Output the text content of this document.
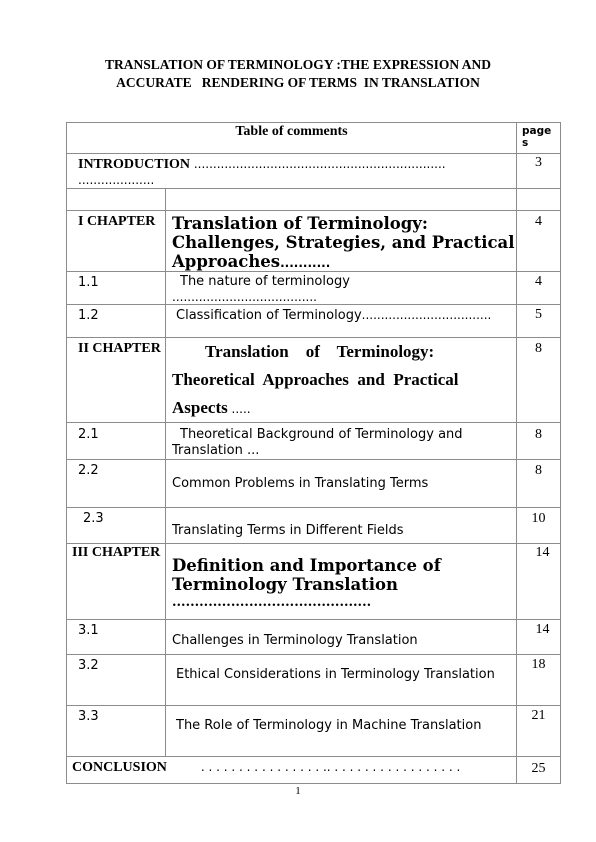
TRANSLATION OF TERMINOLOGY :THE EXPRESSION AND
ACCURATE   RENDERING OF TERMS  IN TRANSLATION
Table of comments		page s

INTRODUCTION ..................................................................
....................		3

I CHAPTER	Translation of Terminology: Challenges, Strategies, and Practical Approaches...........	4
1.1	The nature of terminology
......................................	4
1.2	Classification of Terminology..................................	5
II CHAPTER	Translation    of    Terminology:
Theoretical  Approaches  and  Practical
Aspects .....	8
2.1	Theoretical Background of Terminology and Translation ...	8
2.2	Common Problems in Translating Terms	8
2.3	Translating Terms in Different Fields	10
III CHAPTER	Definition and Importance of Terminology Translation
............................................	14
3.1	Challenges in Terminology Translation	14
3.2	Ethical Considerations in Terminology Translation	18
3.3	The Role of Terminology in Machine Translation	21
CONCLUSION . . . . . . . . . . . . . . . . .. . . . . . . . . . . . . . . . . .		25
1
